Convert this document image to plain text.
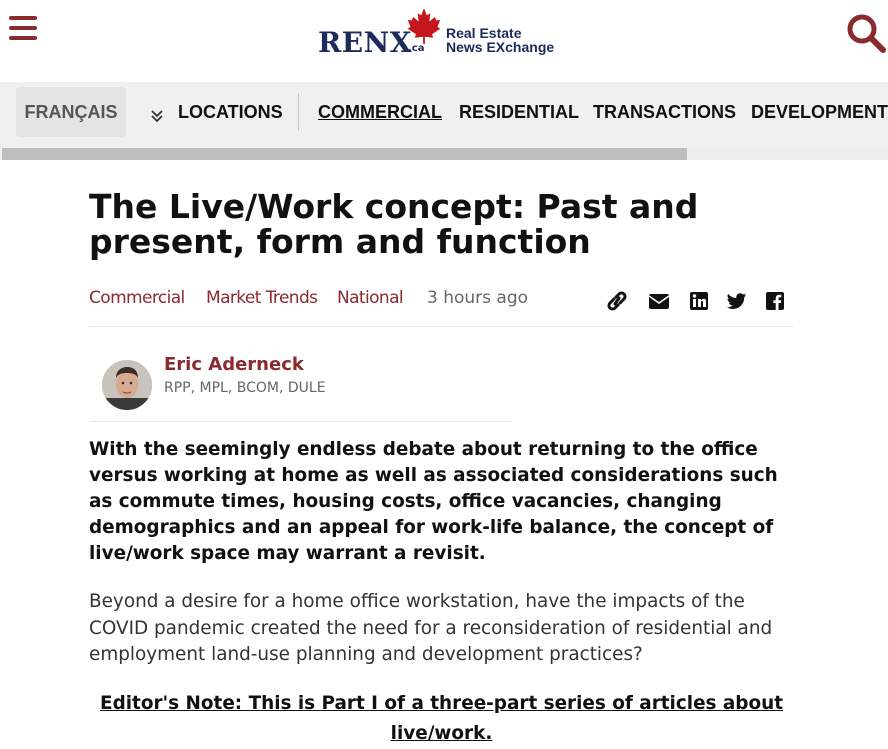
RENX
.ca
Real Estate
News EXchange
FRANÇAIS	LOCATIONS COMMERCIAL RESIDENTIAL TRANSACTIONS DEVELOPMENT
The Live/Work concept: Past and present, form and function
Commercial Market Trends National 3 hours ago
Eric Aderneck
RPP, MPL, BCOM, DULE

With the seemingly endless debate about returning to the office versus working at home as well as associated considerations such as commute times, housing costs, office vacancies, changing demographics and an appeal for work-life balance, the concept of live/work space may warrant a revisit.

Beyond a desire for a home office workstation, have the impacts of the COVID pandemic created the need for a reconsideration of residential and employment land-use planning and development practices?

Editor's Note: This is Part I of a three-part series of articles about live/work.
